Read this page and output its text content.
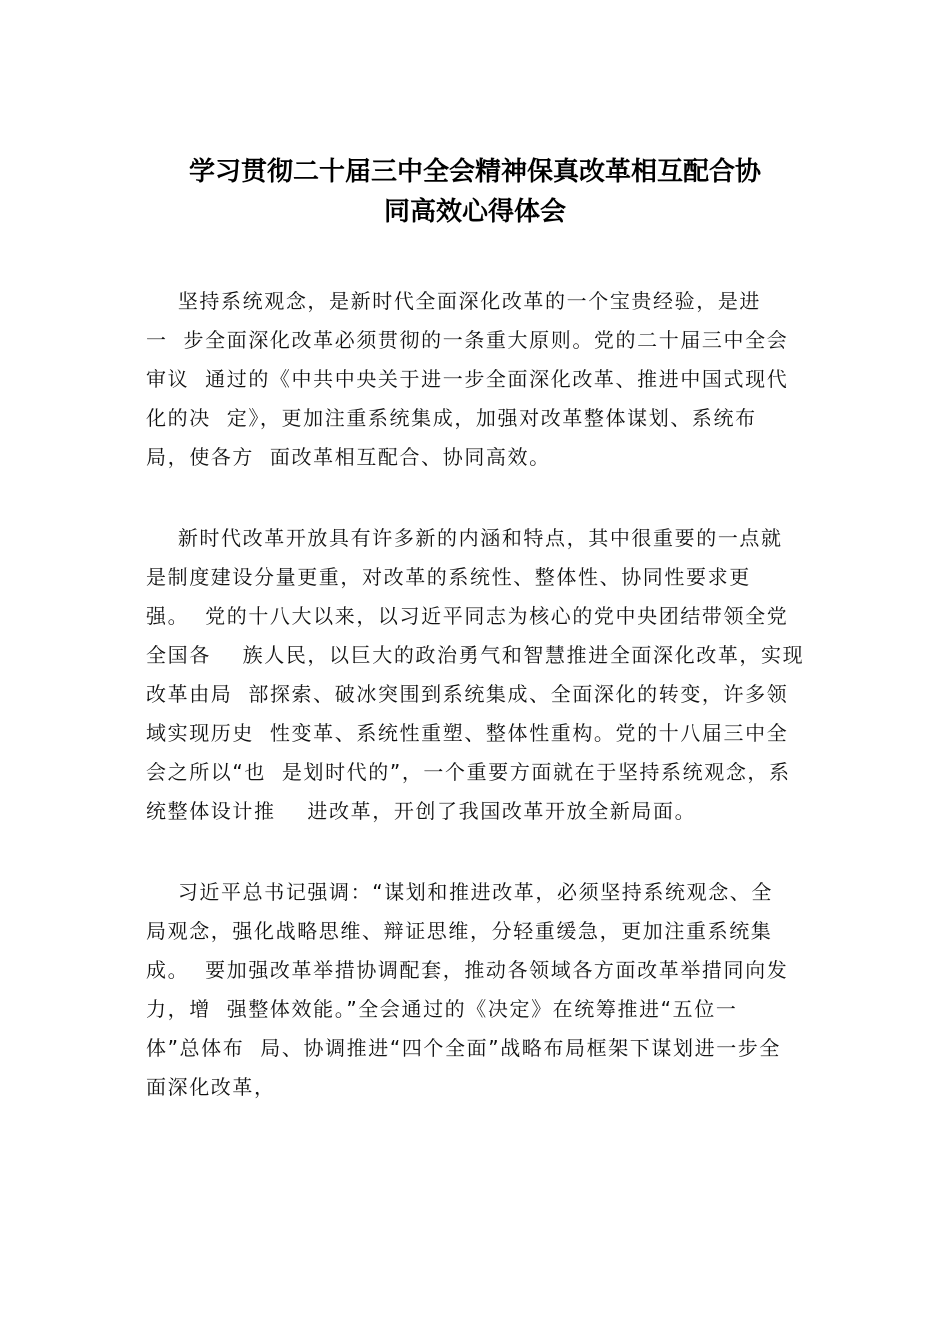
学习贯彻二十届三中全会精神保真改革相互配合协
同高效心得体会

坚持系统观念，是新时代全面深化改革的一个宝贵经验，是进
一  步全面深化改革必须贯彻的一条重大原则。党的二十届三中全会
审议  通过的《中共中央关于进一步全面深化改革、推进中国式现代
化的决  定》，更加注重系统集成，加强对改革整体谋划、系统布
局，使各方  面改革相互配合、协同高效。

新时代改革开放具有许多新的内涵和特点，其中很重要的一点就
是制度建设分量更重，对改革的系统性、整体性、协同性要求更
强。  党的十八大以来，以习近平同志为核心的党中央团结带领全党
全国各    族人民，以巨大的政治勇气和智慧推进全面深化改革，实现
改革由局  部探索、破冰突围到系统集成、全面深化的转变，许多领
域实现历史  性变革、系统性重塑、整体性重构。党的十八届三中全
会之所以“也  是划时代的”，一个重要方面就在于坚持系统观念，系
统整体设计推    进改革，开创了我国改革开放全新局面。

习近平总书记强调：“谋划和推进改革，必须坚持系统观念、全
局观念，强化战略思维、辩证思维，分轻重缓急，更加注重系统集
成。  要加强改革举措协调配套，推动各领域各方面改革举措同向发
力，增  强整体效能。”全会通过的《决定》在统筹推进“五位一
体”总体布  局、协调推进“四个全面”战略布局框架下谋划进一步全
面深化改革，
